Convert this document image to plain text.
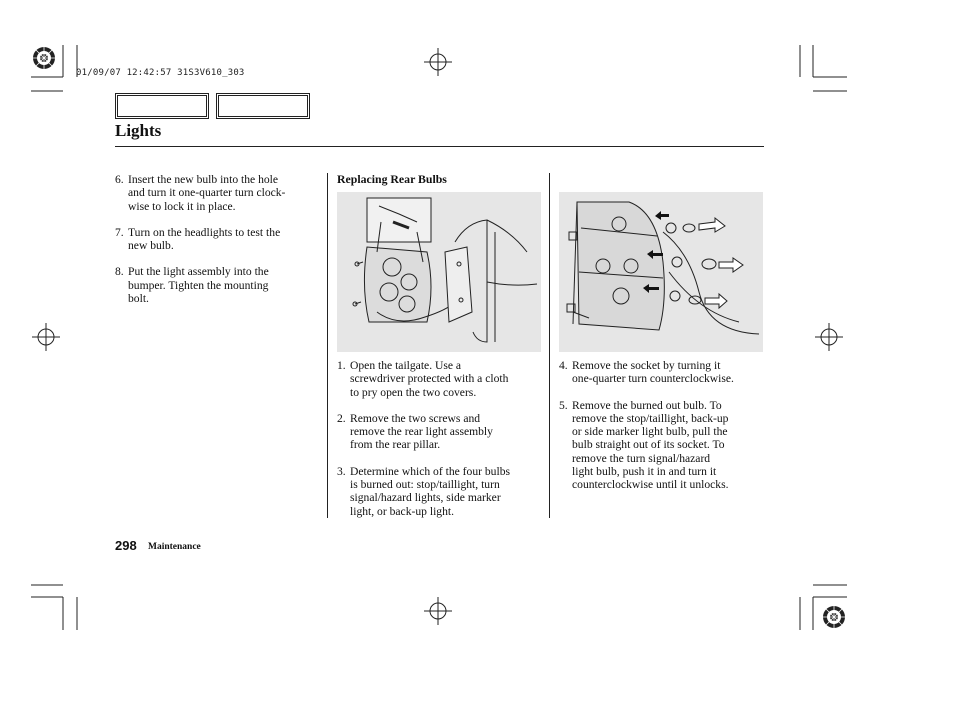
01/09/07 12:42:57 31S3V610_303
Lights
6. Insert the new bulb into the hole
and turn it one-quarter turn clock-
wise to lock it in place.
7. Turn on the headlights to test the
new bulb.
8. Put the light assembly into the
bumper. Tighten the mounting
bolt.
Replacing Rear Bulbs
1. Open the tailgate. Use a
screwdriver protected with a cloth
to pry open the two covers.
2. Remove the two screws and
remove the rear light assembly
from the rear pillar.
3. Determine which of the four bulbs
is burned out: stop/taillight, turn
signal/hazard lights, side marker
light, or back-up light.
4. Remove the socket by turning it
one-quarter turn counterclockwise.
5. Remove the burned out bulb. To
remove the stop/taillight, back-up
or side marker light bulb, pull the
bulb straight out of its socket. To
remove the turn signal/hazard
light bulb, push it in and turn it
counterclockwise until it unlocks.
298 Maintenance
